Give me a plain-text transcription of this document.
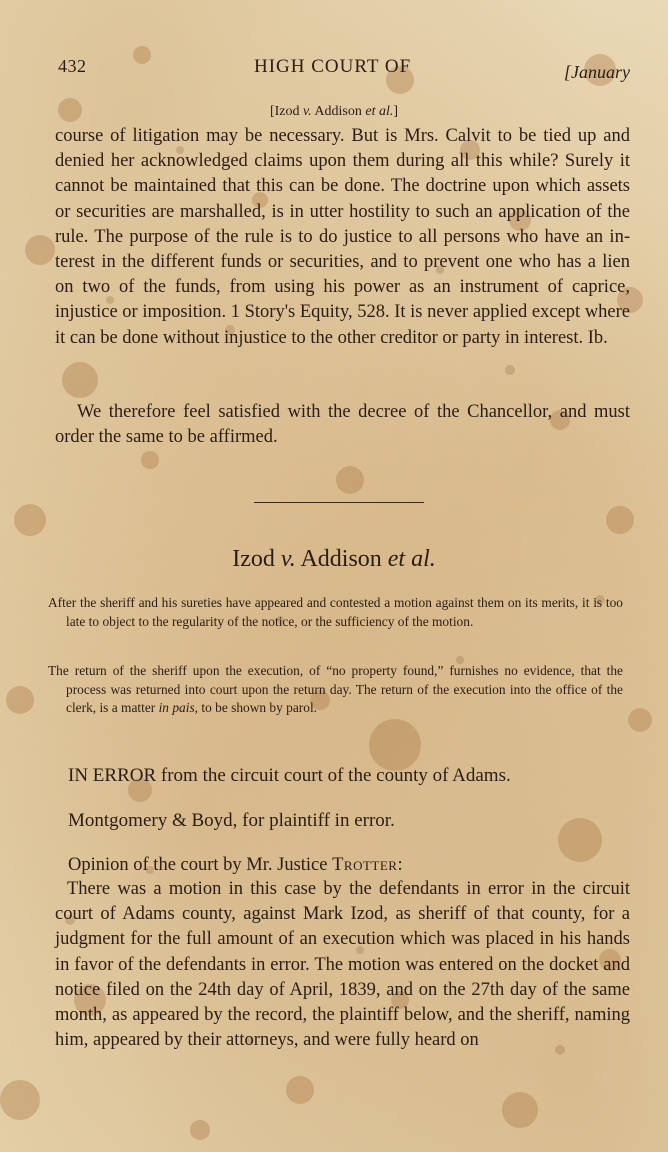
432	HIGH COURT OF	[January
[Izod v. Addison et al.]
course of litigation may be necessary. But is Mrs. Calvit to be tied up and denied her acknowledged claims upon them during all this while? Surely it cannot be maintained that this can be done. The doctrine upon which assets or securities are marshalled, is in utter hostility to such an application of the rule. The purpose of the rule is to do justice to all persons who have an interest in the different funds or securities, and to prevent one who has a lien on two of the funds, from using his power as an instrument of caprice, injustice or imposition. 1 Story's Equity, 528. It is never applied except where it can be done without injustice to the other creditor or party in interest. Ib.
We therefore feel satisfied with the decree of the Chancellor, and must order the same to be affirmed.
Izod v. Addison et al.
After the sheriff and his sureties have appeared and contested a motion against them on its merits, it is too late to object to the regularity of the notice, or the sufficiency of the motion.
The return of the sheriff upon the execution, of “no property found,” furnishes no evidence, that the process was returned into court upon the return day. The return of the execution into the office of the clerk, is a matter in pais, to be shown by parol.
IN ERROR from the circuit court of the county of Adams.
Montgomery & Boyd, for plaintiff in error.
Opinion of the court by Mr. Justice Trotter:
There was a motion in this case by the defendants in error in the circuit court of Adams county, against Mark Izod, as sheriff of that county, for a judgment for the full amount of an execution which was placed in his hands in favor of the defendants in error. The motion was entered on the docket and notice filed on the 24th day of April, 1839, and on the 27th day of the same month, as appeared by the record, the plaintiff below, and the sheriff, naming him, appeared by their attorneys, and were fully heard on
